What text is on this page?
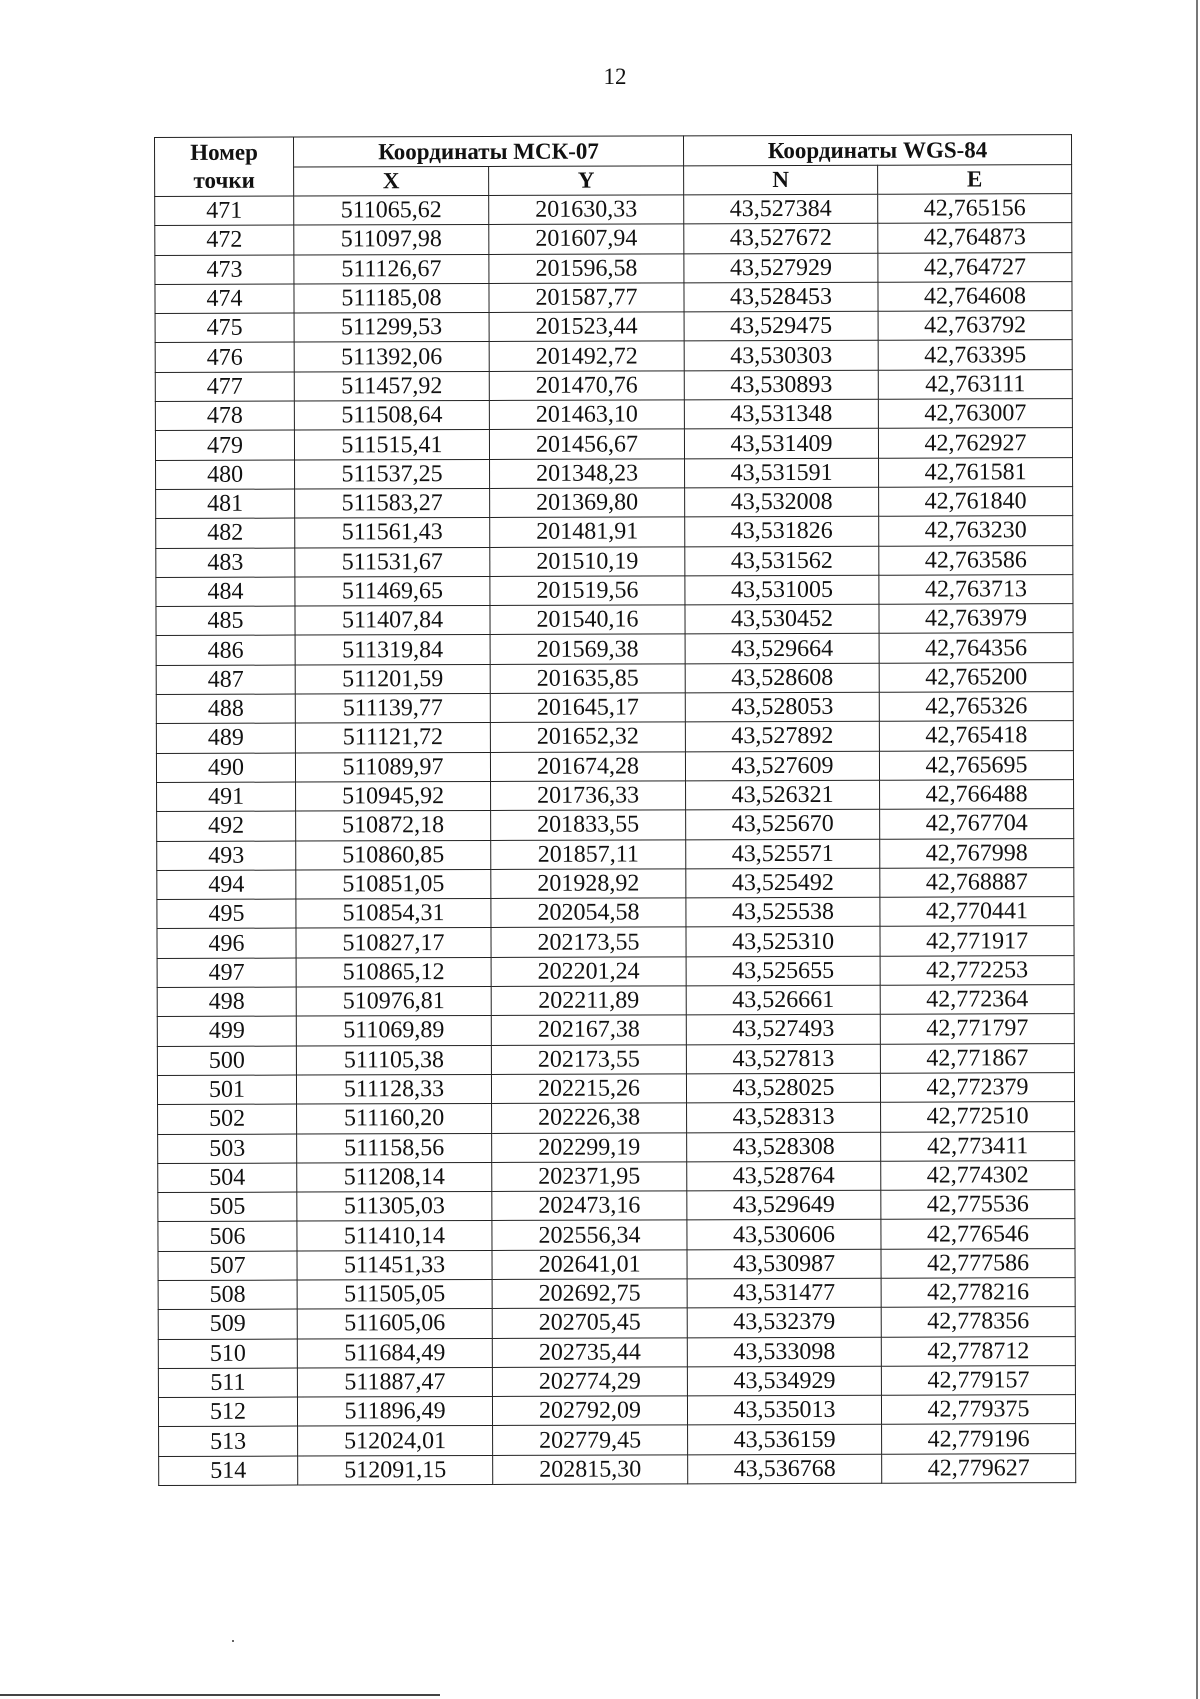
12
Номер
точки	Координаты МСК-07		Координаты WGS-84	
	X	Y	N	E
471	511065,62	201630,33	43,527384	42,765156
472	511097,98	201607,94	43,527672	42,764873
473	511126,67	201596,58	43,527929	42,764727
474	511185,08	201587,77	43,528453	42,764608
475	511299,53	201523,44	43,529475	42,763792
476	511392,06	201492,72	43,530303	42,763395
477	511457,92	201470,76	43,530893	42,763111
478	511508,64	201463,10	43,531348	42,763007
479	511515,41	201456,67	43,531409	42,762927
480	511537,25	201348,23	43,531591	42,761581
481	511583,27	201369,80	43,532008	42,761840
482	511561,43	201481,91	43,531826	42,763230
483	511531,67	201510,19	43,531562	42,763586
484	511469,65	201519,56	43,531005	42,763713
485	511407,84	201540,16	43,530452	42,763979
486	511319,84	201569,38	43,529664	42,764356
487	511201,59	201635,85	43,528608	42,765200
488	511139,77	201645,17	43,528053	42,765326
489	511121,72	201652,32	43,527892	42,765418
490	511089,97	201674,28	43,527609	42,765695
491	510945,92	201736,33	43,526321	42,766488
492	510872,18	201833,55	43,525670	42,767704
493	510860,85	201857,11	43,525571	42,767998
494	510851,05	201928,92	43,525492	42,768887
495	510854,31	202054,58	43,525538	42,770441
496	510827,17	202173,55	43,525310	42,771917
497	510865,12	202201,24	43,525655	42,772253
498	510976,81	202211,89	43,526661	42,772364
499	511069,89	202167,38	43,527493	42,771797
500	511105,38	202173,55	43,527813	42,771867
501	511128,33	202215,26	43,528025	42,772379
502	511160,20	202226,38	43,528313	42,772510
503	511158,56	202299,19	43,528308	42,773411
504	511208,14	202371,95	43,528764	42,774302
505	511305,03	202473,16	43,529649	42,775536
506	511410,14	202556,34	43,530606	42,776546
507	511451,33	202641,01	43,530987	42,777586
508	511505,05	202692,75	43,531477	42,778216
509	511605,06	202705,45	43,532379	42,778356
510	511684,49	202735,44	43,533098	42,778712
511	511887,47	202774,29	43,534929	42,779157
512	511896,49	202792,09	43,535013	42,779375
513	512024,01	202779,45	43,536159	42,779196
514	512091,15	202815,30	43,536768	42,779627
